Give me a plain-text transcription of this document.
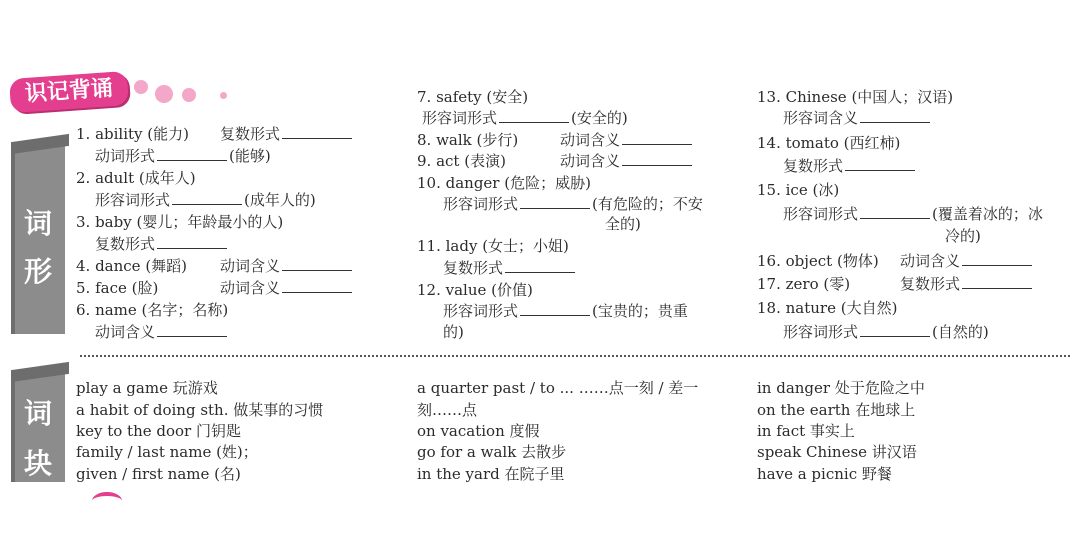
识记背诵
词
形
词
块
1. ability (能力) 复数形式
动词形式	(能够)
2. adult (成年人)
形容词形式	(成年人的)
3. baby (婴儿；年龄最小的人)
复数形式
4. dance (舞蹈) 动词含义
5. face (脸)	动词含义
6. name (名字；名称)
动词含义
7. safety (安全)
形容词形式	(安全的)
8. walk (步行)	动词含义
9. act (表演)	动词含义
10. danger (危险；威胁)
形容词形式	(有危险的；不安
全的)
11. lady (女士；小姐)
复数形式
12. value (价值)
形容词形式	(宝贵的；贵重
的)
13. Chinese (中国人；汉语)
形容词含义
14. tomato (西红柿)
复数形式
15. ice (冰)
形容词形式	(覆盖着冰的；冰
冷的)
16. object (物体) 动词含义
17. zero (零)	复数形式
18. nature (大自然)
形容词形式	(自然的)
play a game 玩游戏
a habit of doing sth. 做某事的习惯
key to the door 门钥匙
family / last name (姓)；
given / first name (名)
a quarter past / to ... ……点一刻 / 差一
刻……点
on vacation 度假
go for a walk 去散步
in the yard 在院子里
in danger 处于危险之中
on the earth 在地球上
in fact 事实上
speak Chinese 讲汉语
have a picnic 野餐
